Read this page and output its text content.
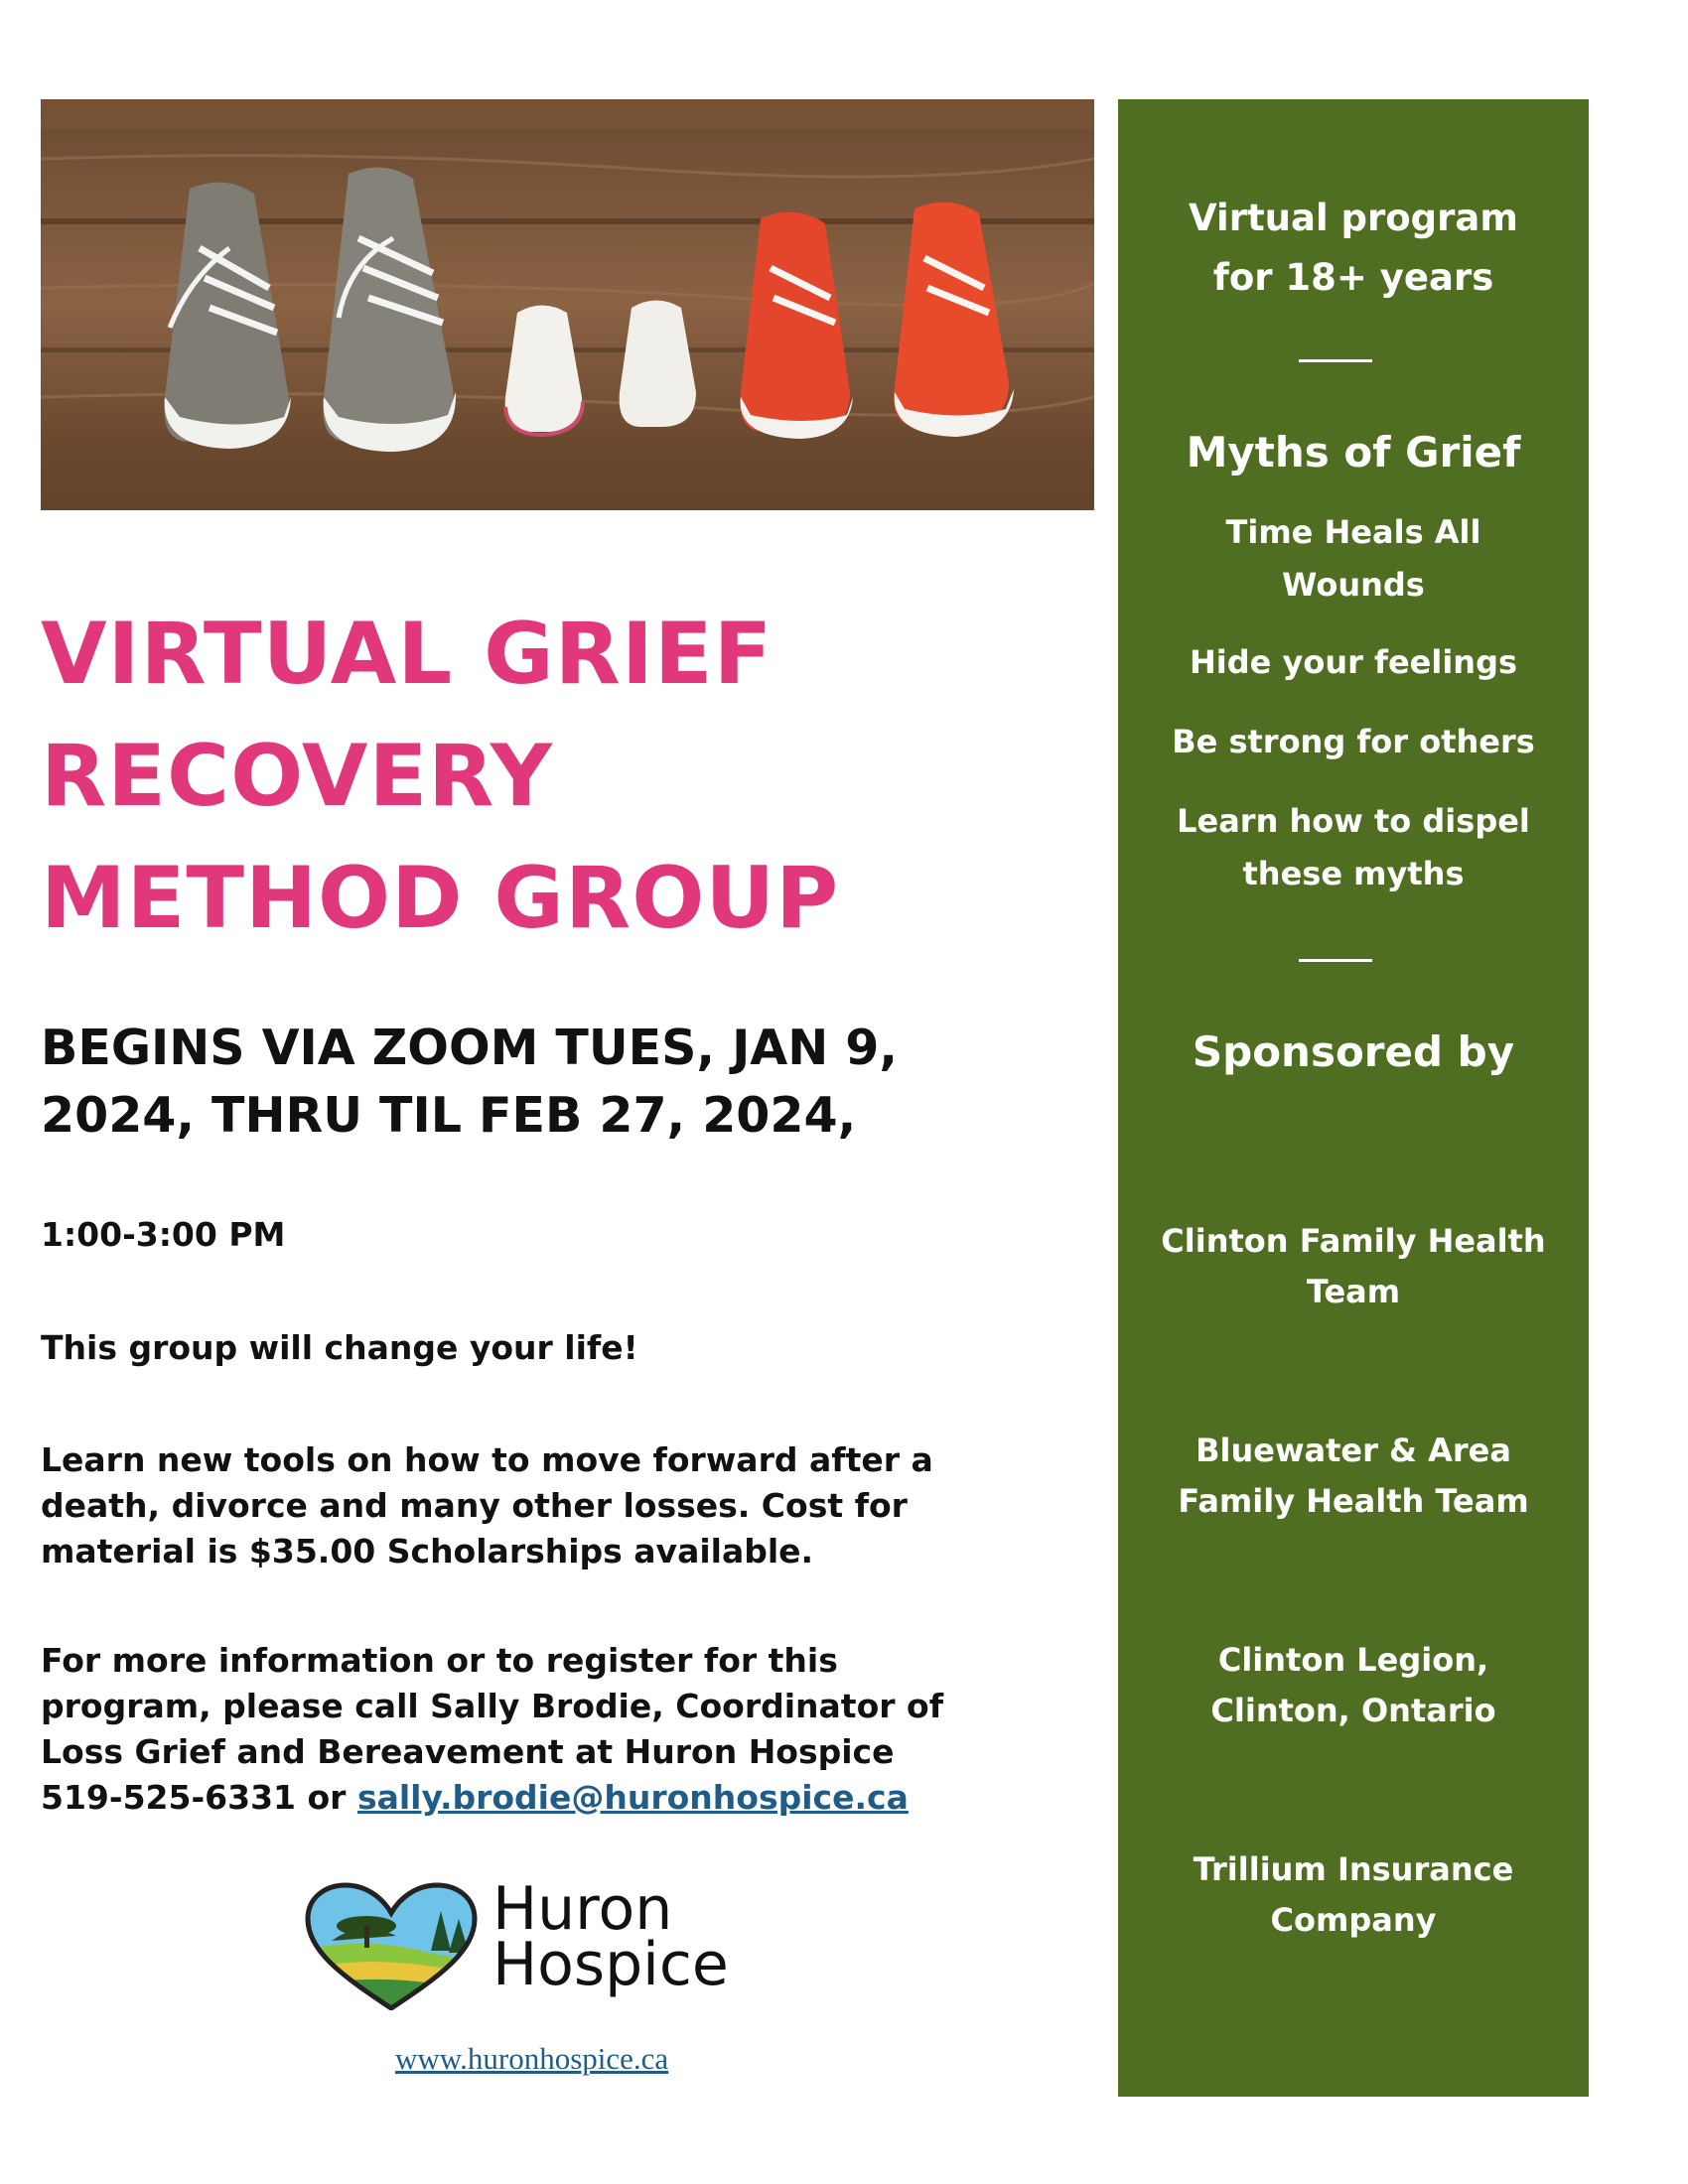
VIRTUAL GRIEF
RECOVERY
METHOD GROUP
BEGINS VIA ZOOM TUES, JAN 9,
2024, THRU TIL FEB 27, 2024,
1:00-3:00 PM
This group will change your life!
Learn new tools on how to move forward after a
death, divorce and many other losses. Cost for
material is $35.00 Scholarships available.
For more information or to register for this
program, please call Sally Brodie, Coordinator of
Loss Grief and Bereavement at Huron Hospice
519-525-6331 or sally.brodie@huronhospice.ca
Huron
Hospice
www.huronhospice.ca
Virtual program
for 18+ years
Myths of Grief
Time Heals All
Wounds
Hide your feelings
Be strong for others
Learn how to dispel
these myths
Sponsored by
Clinton Family Health
Team
Bluewater & Area
Family Health Team
Clinton Legion,
Clinton, Ontario
Trillium Insurance
Company
